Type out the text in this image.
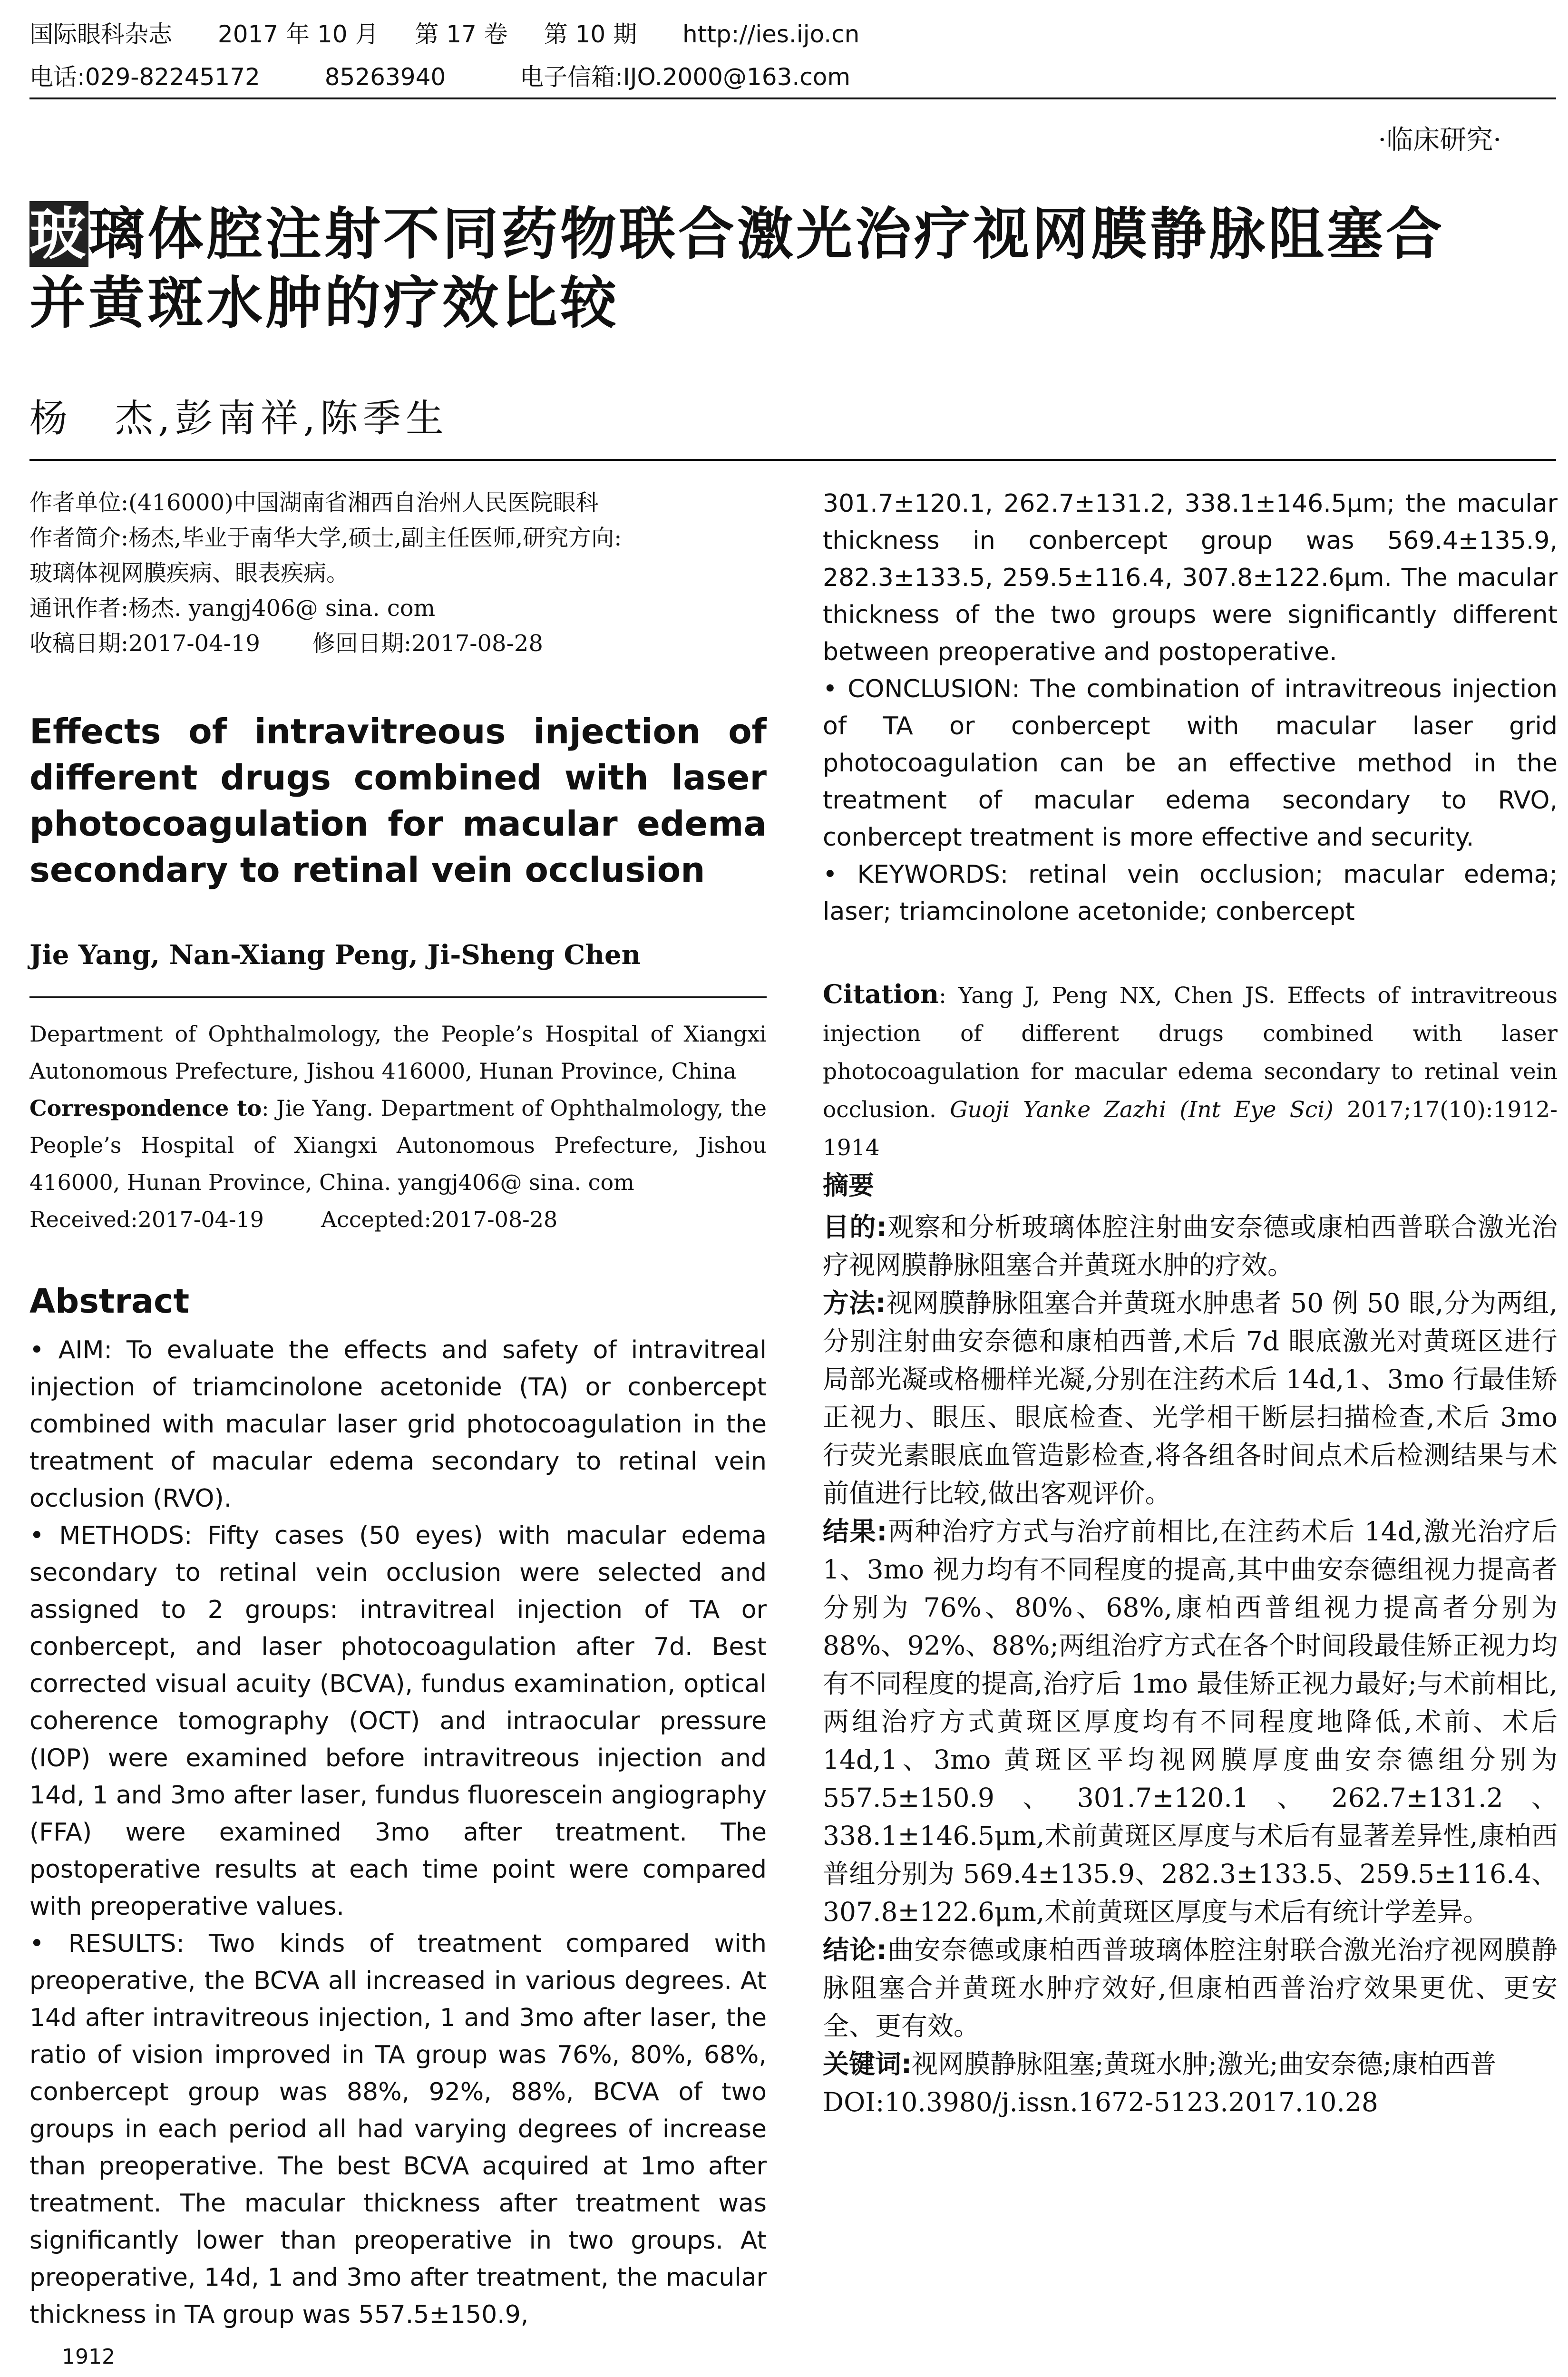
国际眼科杂志 2017 年 10 月 第 17 卷 第 10 期 http://ies.ijo.cn
电话:029-82245172	85263940	电子信箱:IJO.2000@163.com
·临床研究·
玻璃体腔注射不同药物联合激光治疗视网膜静脉阻塞合
并黄斑水肿的疗效比较
杨　杰,彭南祥,陈季生
作者单位:(416000)中国湖南省湘西自治州人民医院眼科
作者简介:杨杰,毕业于南华大学,硕士,副主任医师,研究方向:
玻璃体视网膜疾病、眼表疾病。
通讯作者:杨杰. yangj406@ sina. com
收稿日期:2017-04-19 修回日期:2017-08-28
Effects of intravitreous injection of
different drugs combined with laser
photocoagulation for macular edema
secondary to retinal vein occlusion
Jie Yang, Nan-Xiang Peng, Ji-Sheng Chen
Department of Ophthalmology, the People’s Hospital of Xiangxi Autonomous Prefecture, Jishou 416000, Hunan Province, China
Correspondence to: Jie Yang. Department of Ophthalmology, the People’s Hospital of Xiangxi Autonomous Prefecture, Jishou 416000, Hunan Province, China. yangj406@ sina. com
Received:2017-04-19	Accepted:2017-08-28
Abstract

• AIM: To evaluate the effects and safety of intravitreal injection of triamcinolone acetonide (TA) or conbercept combined with macular laser grid photocoagulation in the treatment of macular edema secondary to retinal vein occlusion (RVO).

• METHODS: Fifty cases (50 eyes) with macular edema secondary to retinal vein occlusion were selected and assigned to 2 groups: intravitreal injection of TA or conbercept, and laser photocoagulation after 7d. Best corrected visual acuity (BCVA), fundus examination, optical coherence tomography (OCT) and intraocular pressure (IOP) were examined before intravitreous injection and 14d, 1 and 3mo after laser, fundus fluorescein angiography (FFA) were examined 3mo after treatment. The postoperative results at each time point were compared with preoperative values.

• RESULTS: Two kinds of treatment compared with preoperative, the BCVA all increased in various degrees. At 14d after intravitreous injection, 1 and 3mo after laser, the ratio of vision improved in TA group was 76%, 80%, 68%, conbercept group was 88%, 92%, 88%, BCVA of two groups in each period all had varying degrees of increase than preoperative. The best BCVA acquired at 1mo after treatment. The macular thickness after treatment was significantly lower than preoperative in two groups. At preoperative, 14d, 1 and 3mo after treatment, the macular thickness in TA group was 557.5±150.9,

1912

301.7±120.1, 262.7±131.2, 338.1±146.5μm; the macular thickness in conbercept group was 569.4±135.9, 282.3±133.5, 259.5±116.4, 307.8±122.6μm. The macular thickness of the two groups were significantly different between preoperative and postoperative.

• CONCLUSION: The combination of intravitreous injection of TA or conbercept with macular laser grid photocoagulation can be an effective method in the treatment of macular edema secondary to RVO, conbercept treatment is more effective and security.

• KEYWORDS: retinal vein occlusion; macular edema; laser; triamcinolone acetonide; conbercept

Citation: Yang J, Peng NX, Chen JS. Effects of intravitreous injection of different drugs combined with laser photocoagulation for macular edema secondary to retinal vein occlusion. Guoji Yanke Zazhi (Int Eye Sci) 2017;17(10):1912-1914
摘要

目的:观察和分析玻璃体腔注射曲安奈德或康柏西普联合激光治疗视网膜静脉阻塞合并黄斑水肿的疗效。

方法:视网膜静脉阻塞合并黄斑水肿患者 50 例 50 眼,分为两组,分别注射曲安奈德和康柏西普,术后 7d 眼底激光对黄斑区进行局部光凝或格栅样光凝,分别在注药术后 14d,1、3mo 行最佳矫正视力、眼压、眼底检查、光学相干断层扫描检查,术后 3mo 行荧光素眼底血管造影检查,将各组各时间点术后检测结果与术前值进行比较,做出客观评价。

结果:两种治疗方式与治疗前相比,在注药术后 14d,激光治疗后 1、3mo 视力均有不同程度的提高,其中曲安奈德组视力提高者分别为 76%、80%、68%,康柏西普组视力提高者分别为 88%、92%、88%;两组治疗方式在各个时间段最佳矫正视力均有不同程度的提高,治疗后 1mo 最佳矫正视力最好;与术前相比,两组治疗方式黄斑区厚度均有不同程度地降低,术前、术后 14d,1、3mo 黄斑区平均视网膜厚度曲安奈德组分别为 557.5±150.9、301.7±120.1、262.7±131.2、338.1±146.5μm,术前黄斑区厚度与术后有显著差异性,康柏西普组分别为 569.4±135.9、282.3±133.5、259.5±116.4、307.8±122.6μm,术前黄斑区厚度与术后有统计学差异。

结论:曲安奈德或康柏西普玻璃体腔注射联合激光治疗视网膜静脉阻塞合并黄斑水肿疗效好,但康柏西普治疗效果更优、更安全、更有效。

关键词:视网膜静脉阻塞;黄斑水肿;激光;曲安奈德;康柏西普

DOI:10.3980/j.issn.1672-5123.2017.10.28
